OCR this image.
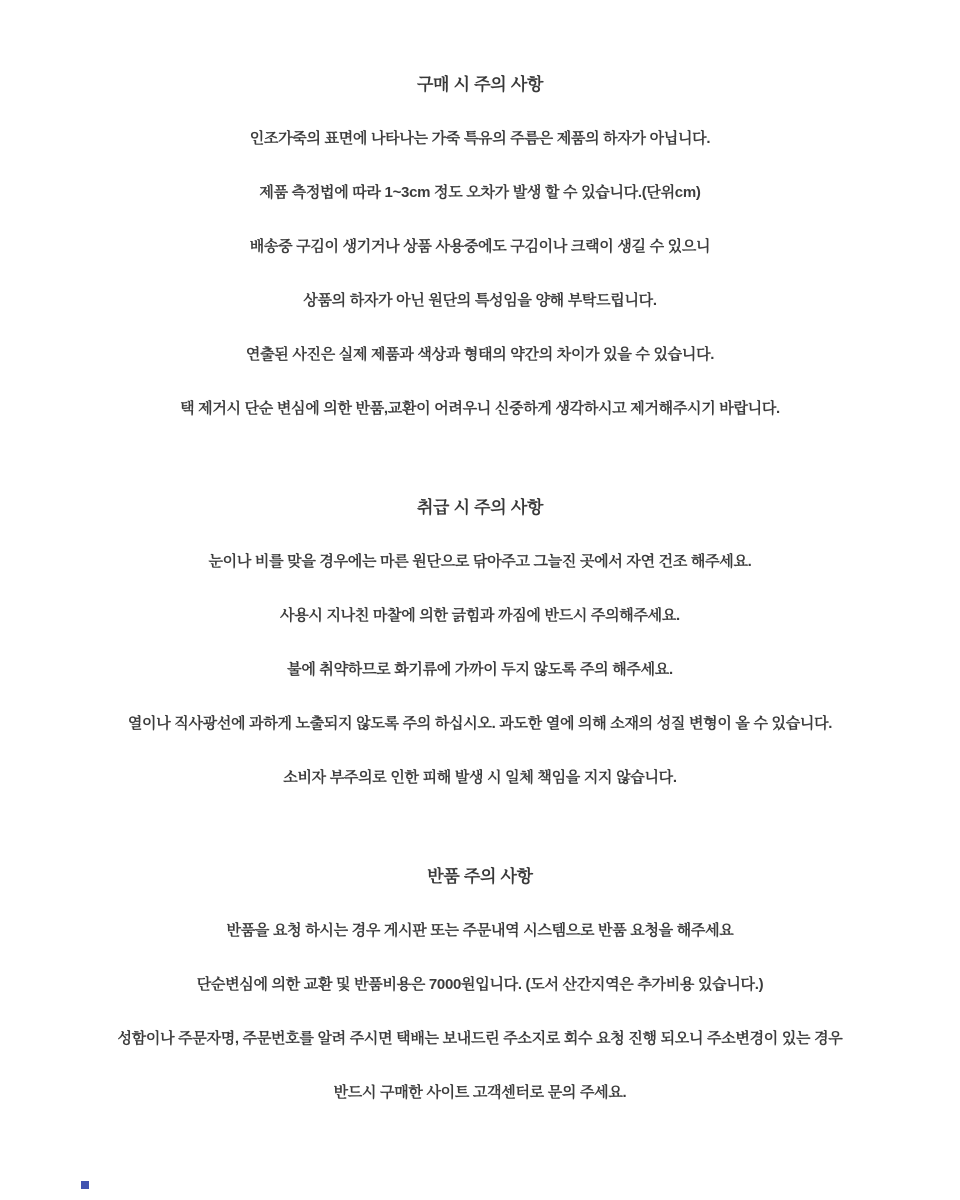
구매 시 주의 사항

인조가죽의 표면에 나타나는 가죽 특유의 주름은 제품의 하자가 아닙니다.

제품 측정법에 따라 1~3cm 정도 오차가 발생 할 수 있습니다.(단위cm)

배송중 구김이 생기거나 상품 사용중에도 구김이나 크랙이 생길 수 있으니

상품의 하자가 아닌 원단의 특성임을 양해 부탁드립니다.

연출된 사진은 실제 제품과 색상과 형태의 약간의 차이가 있을 수 있습니다.

택 제거시 단순 변심에 의한 반품,교환이 어려우니 신중하게 생각하시고 제거해주시기 바랍니다.

취급 시 주의 사항

눈이나 비를 맞을 경우에는 마른 원단으로 닦아주고 그늘진 곳에서 자연 건조 해주세요.

사용시 지나친 마찰에 의한 긁힘과 까짐에 반드시 주의해주세요.

불에 취약하므로 화기류에 가까이 두지 않도록 주의 해주세요.

열이나 직사광선에 과하게 노출되지 않도록 주의 하십시오. 과도한 열에 의해 소재의 성질 변형이 올 수 있습니다.

소비자 부주의로 인한 피해 발생 시 일체 책임을 지지 않습니다.

반품 주의 사항

반품을 요청 하시는 경우 게시판 또는 주문내역 시스템으로 반품 요청을 해주세요

단순변심에 의한 교환 및 반품비용은 7000원입니다. (도서 산간지역은 추가비용 있습니다.)

성함이나 주문자명, 주문번호를 알려 주시면 택배는 보내드린 주소지로 회수 요청 진행 되오니 주소변경이 있는 경우

반드시 구매한 사이트 고객센터로 문의 주세요.
